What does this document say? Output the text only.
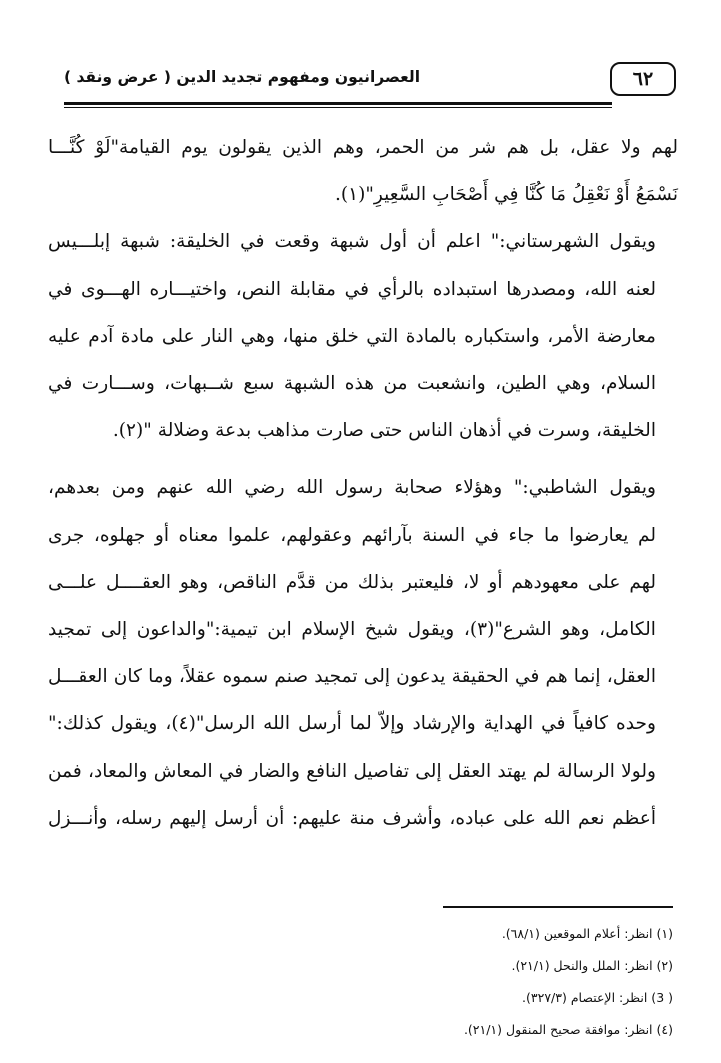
٦٢
العصرانيون ومفهوم تجديد الدين ( عرض ونقد )

لهم ولا عقل، بل هم شر من الحمر، وهم الذين يقولون يوم القيامة"لَوْ كُنَّـــا
نَسْمَعُ أَوْ نَعْقِلُ مَا كُنَّا فِي أَصْحَابِ السَّعِيرِ"(١).

ويقول الشهرستاني:" اعلم أن أول شبهة وقعت في الخليقة: شبهة إبلـــيس
لعنه الله، ومصدرها استبداده بالرأي في مقابلة النص، واختيـــاره الهـــوى في
معارضة الأمر، واستكباره بالمادة التي خلق منها، وهي النار على مادة آدم عليه
السلام، وهي الطين، وانشعبت من هذه الشبهة سبع شــبهات، وســـارت في
الخليقة، وسرت في أذهان الناس حتى صارت مذاهب بدعة وضلالة "(٢).

ويقول الشاطبي:" وهؤلاء صحابة رسول الله رضي الله عنهم ومن بعدهم،
لم يعارضوا ما جاء في السنة بآرائهم وعقولهم، علموا معناه أو جهلوه، جرى
لهم على معهودهم أو لا، فليعتبر بذلك من قدَّم الناقص، وهو العقــــل علـــى
الكامل، وهو الشرع"(٣)، ويقول شيخ الإسلام ابن تيمية:"والداعون إلى تمجيد
العقل، إنما هم في الحقيقة يدعون إلى تمجيد صنم سموه عقلاً، وما كان العقـــل
وحده كافياً في الهداية والإرشاد وإلاّ لما أرسل الله الرسل"(٤)، ويقول كذلك:"
ولولا الرسالة لم يهتد العقل إلى تفاصيل النافع والضار في المعاش والمعاد، فمن
أعظم نعم الله على عباده، وأشرف منة عليهم: أن أرسل إليهم رسله، وأنـــزل

(١) انظر: أعلام الموقعين (٦٨/١).
(٢) انظر: الملل والنحل (٢١/١).
( 3) انظر: الإعتصام (٣٢٧/٣).
(٤) انظر: موافقة صحيح المنقول (٢١/١).
